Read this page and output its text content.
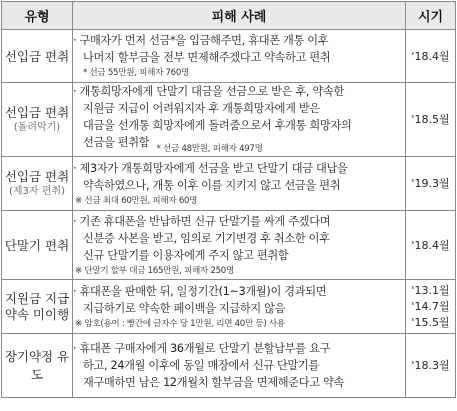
유형	피해 사례	시기
선입금 편취	· 구매자가 먼저 선금*을 입금해주면, 휴대폰 개통 이후
나머지 할부금을 전부 면제해주겠다고 약속하고 편취
* 선금 55만원, 피해자 760명	'18.4월
선입금 편취
(돌려막기)	· 개통희망자에게 단말기 대금을 선금으로 받은 후, 약속한
지원금 지급이 어려워지자 후 개통희망자에게 받은
대금을 선개통 희망자에게 돌려줌으로서 후개통 희망자의
선금을 편취함 * 선금 48만원, 피해자 497명	'18.5월
선입금 편취
(제3자 편취)	· 제3자가 개통희망자에게 선금을 받고 단말기 대금 대납을
약속하였으나, 개통 이후 이를 지키지 않고 선금을 편취
※ 선금 최대 60만원, 피해자 60명	'19.3월
단말기 편취	· 기존 휴대폰을 반납하면 신규 단말기를 싸게 주겠다며
신분증 사본을 받고, 임의로 기기변경 후 취소한 이후
신규 단말기를 이용자에게 주지 않고 편취함
※ 단말기 할부 대금 165만원, 피해자 250명	'18.4월
지원금 지급 약속 미이행	· 휴대폰을 판매한 뒤, 일정기간(1~3개월)이 경과되면
지급하기로 약속한 페이백을 지급하지 않음
※ 암호(용어 : 빵간에 글자수 당 1만원, 리면 40만 등) 사용	'13.1월
'14.7월
'15.5월

장기약정 유도	· 휴대폰 구매자에게 36개월로 단말기 분할납부를 요구
하고, 24개월 이후에 동일 매장에서 신규 단말기를
재구매하면 남은 12개월치 할부금을 면제해준다고 약속	'18.3월
